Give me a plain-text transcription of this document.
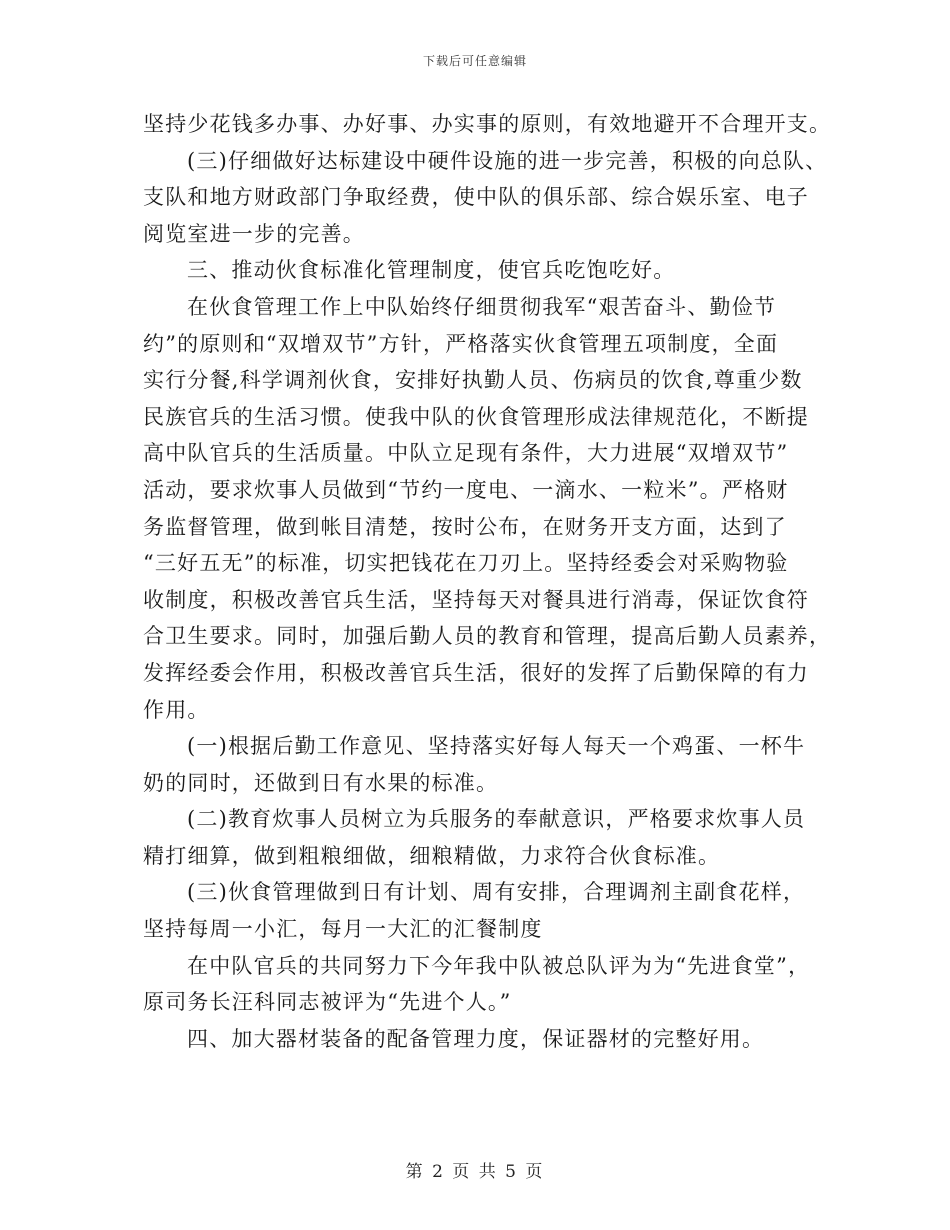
下载后可任意编辑
坚持少花钱多办事、办好事、办实事的原则，有效地避开不合理开支。
(三)仔细做好达标建设中硬件设施的进一步完善，积极的向总队、
支队和地方财政部门争取经费，使中队的俱乐部、综合娱乐室、电子
阅览室进一步的完善。
三、推动伙食标准化管理制度，使官兵吃饱吃好。
在伙食管理工作上中队始终仔细贯彻我军“艰苦奋斗、勤俭节
约”的原则和“双增双节”方针，严格落实伙食管理五项制度，全面
实行分餐,科学调剂伙食，安排好执勤人员、伤病员的饮食,尊重少数
民族官兵的生活习惯。使我中队的伙食管理形成法律规范化，不断提
高中队官兵的生活质量。中队立足现有条件，大力进展“双增双节”
活动，要求炊事人员做到“节约一度电、一滴水、一粒米”。严格财
务监督管理，做到帐目清楚，按时公布，在财务开支方面，达到了
“三好五无”的标准，切实把钱花在刀刃上。坚持经委会对采购物验
收制度，积极改善官兵生活，坚持每天对餐具进行消毒，保证饮食符
合卫生要求。同时，加强后勤人员的教育和管理，提高后勤人员素养，
发挥经委会作用，积极改善官兵生活，很好的发挥了后勤保障的有力
作用。
(一)根据后勤工作意见、坚持落实好每人每天一个鸡蛋、一杯牛
奶的同时，还做到日有水果的标准。
(二)教育炊事人员树立为兵服务的奉献意识，严格要求炊事人员
精打细算，做到粗粮细做，细粮精做，力求符合伙食标准。
(三)伙食管理做到日有计划、周有安排，合理调剂主副食花样，
坚持每周一小汇，每月一大汇的汇餐制度
在中队官兵的共同努力下今年我中队被总队评为为“先进食堂”，
原司务长汪科同志被评为“先进个人。”
四、加大器材装备的配备管理力度，保证器材的完整好用。
第 2 页 共 5 页
